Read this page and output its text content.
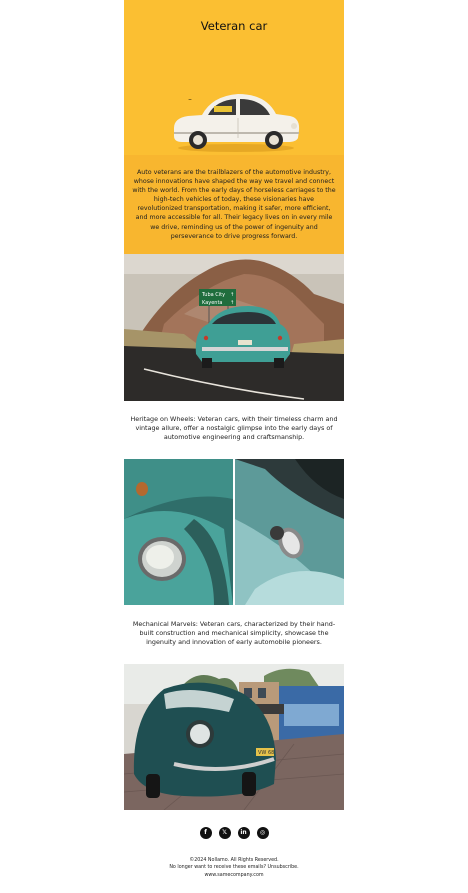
Veteran car
Auto veterans are the trailblazers of the automotive industry, whose innovations have shaped the way we travel and connect with the world. From the early days of horseless carriages to the high-tech vehicles of today, these visionaries have revolutionized transportation, making it safer, more efficient, and more accessible for all. Their legacy lives on in every mile we drive, reminding us of the power of ingenuity and perseverance to drive progress forward.
Tuba City ↑
Kayenta ↑
Heritage on Wheels: Veteran cars, with their timeless charm and vintage allure, offer a nostalgic glimpse into the early days of automotive engineering and craftsmanship.
Mechanical Marvels: Veteran cars, characterized by their hand-built construction and mechanical simplicity, showcase the ingenuity and innovation of early automobile pioneers.
VW 68
f	𝕏	in	◎
©2024 Nollamo. All Rights Reserved.
No longer want to receive these emails? Unsubscribe.
www.samecompany.com
